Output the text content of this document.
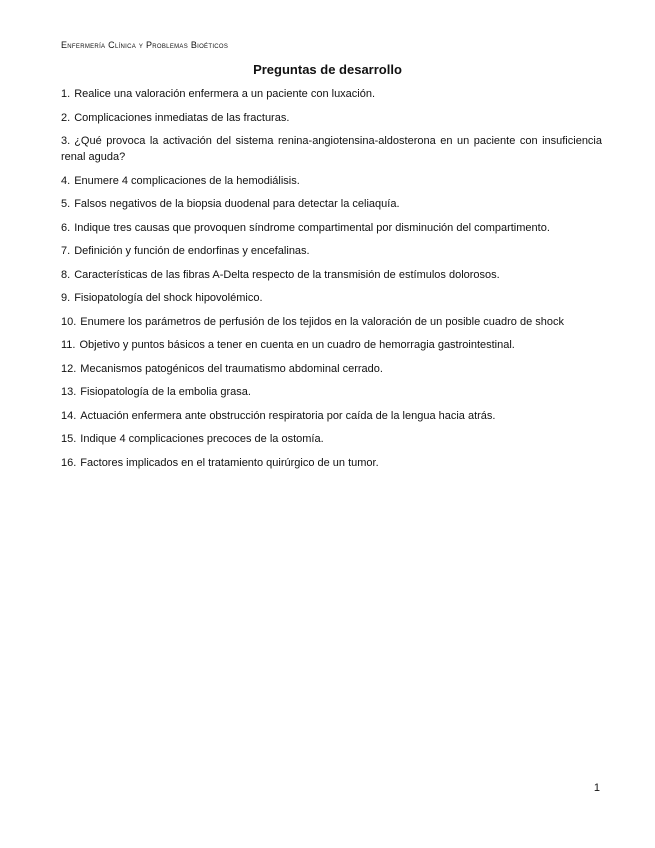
Enfermería Clínica y Problemas Bioéticos
Preguntas de desarrollo
1. Realice una valoración enfermera a un paciente con luxación.
2. Complicaciones inmediatas de las fracturas.
3. ¿Qué provoca la activación del sistema renina-angiotensina-aldosterona en un paciente con insuficiencia renal aguda?
4. Enumere 4 complicaciones de la hemodiálisis.
5. Falsos negativos de la biopsia duodenal para detectar la celiaquía.
6. Indique tres causas que provoquen síndrome compartimental por disminución del compartimento.
7. Definición y función de endorfinas y encefalinas.
8. Características de las fibras A-Delta respecto de la transmisión de estímulos dolorosos.
9. Fisiopatología del shock hipovolémico.
10. Enumere los parámetros de perfusión de los tejidos en la valoración de un posible cuadro de shock
11. Objetivo y puntos básicos a tener en cuenta en un cuadro de hemorragia gastrointestinal.
12. Mecanismos patogénicos del traumatismo abdominal cerrado.
13. Fisiopatología de la embolia grasa.
14. Actuación enfermera ante obstrucción respiratoria por caída de la lengua hacia atrás.
15. Indique 4 complicaciones precoces de la ostomía.
16. Factores implicados en el tratamiento quirúrgico de un tumor.
1
